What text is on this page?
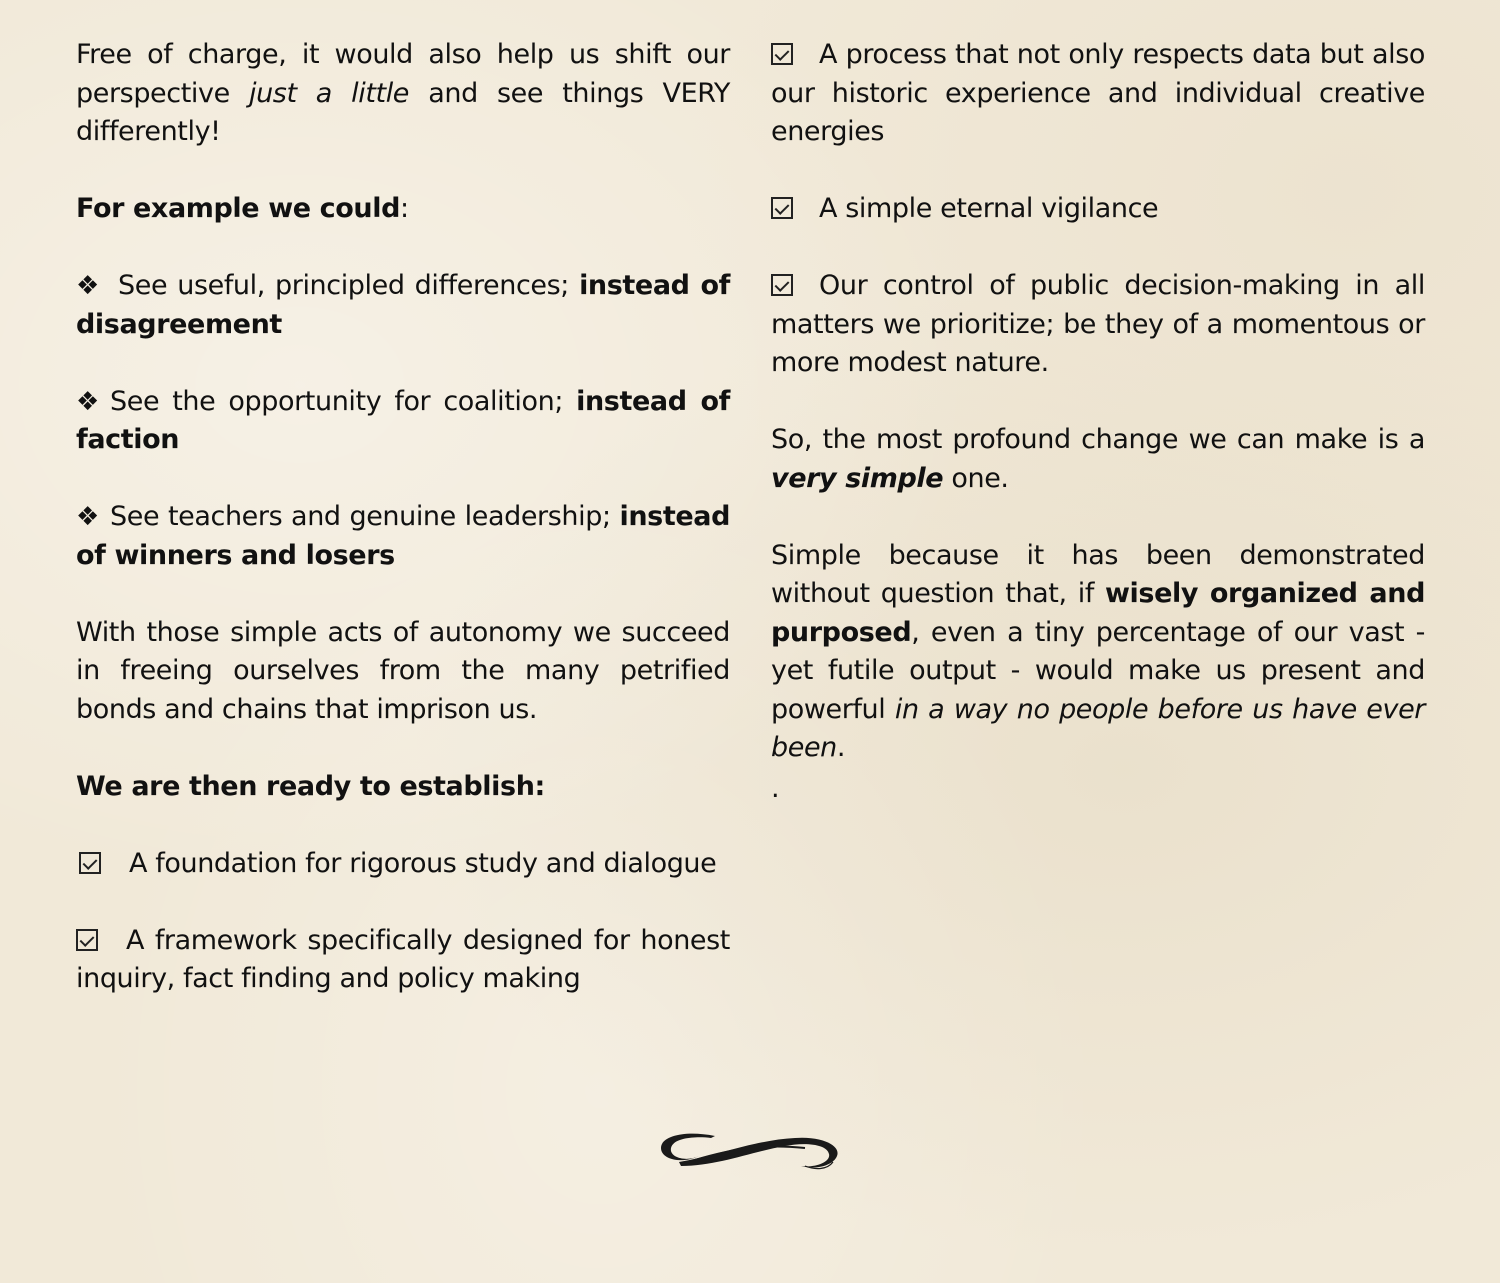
Free of charge, it would also help us shift our perspective just a little and see things VERY differently!

For example we could:

❖ See useful, principled differences; instead of disagreement

❖ See the opportunity for coalition; instead of faction

❖ See teachers and genuine leadership; instead of winners and losers

With those simple acts of autonomy we succeed in freeing ourselves from the many petrified bonds and chains that imprison us.

We are then ready to establish:

A foundation for rigorous study and dialogue

A framework specifically designed for honest inquiry, fact finding and policy making

A process that not only respects data but also our historic experience and individual creative energies

A simple eternal vigilance

Our control of public decision-making in all matters we prioritize; be they of a momentous or more modest nature.

So, the most profound change we can make is a very simple one.

Simple because it has been demonstrated without question that, if wisely organized and purposed, even a tiny percentage of our vast - yet futile output - would make us present and powerful in a way no people before us have ever been.

.
